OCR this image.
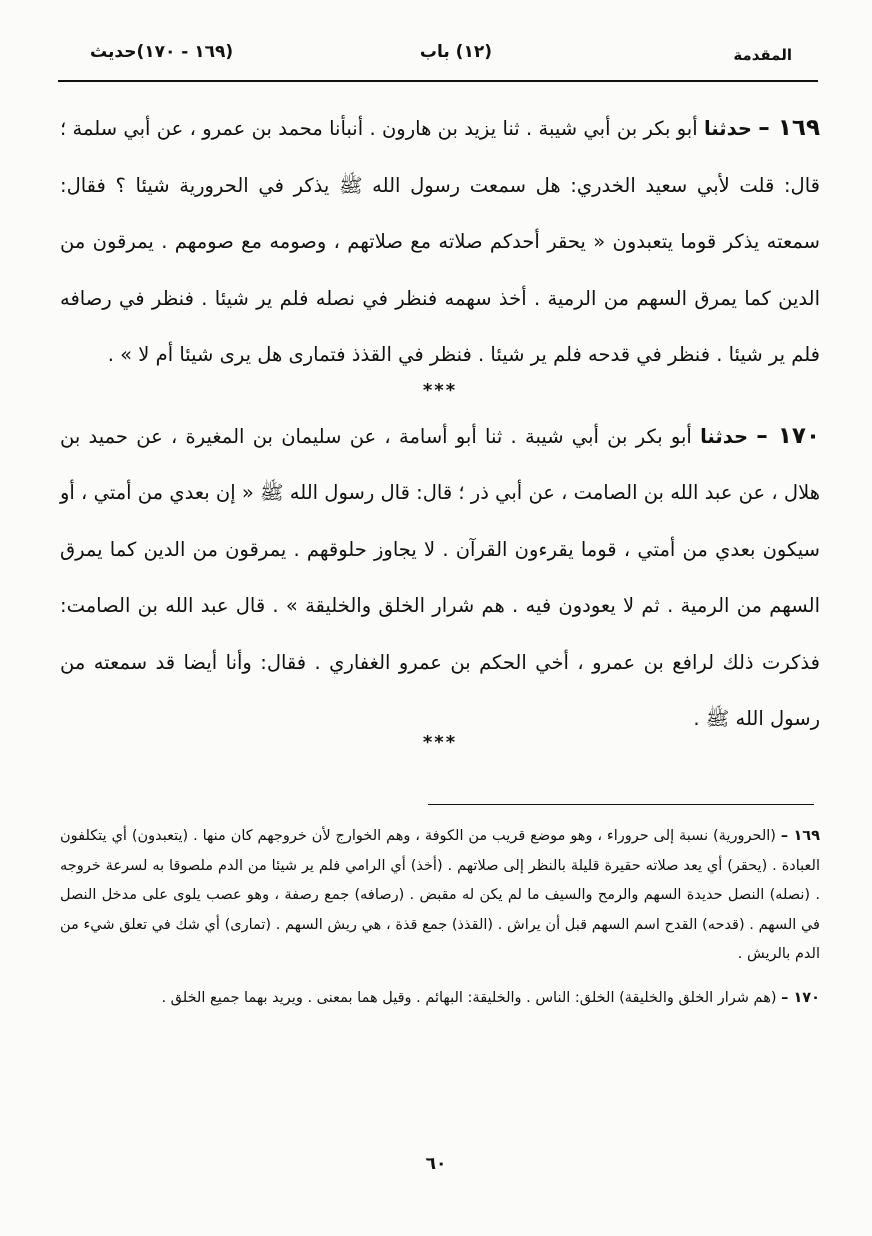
المقدمة
(١٢) باب
(١٦٩ - ١٧٠)حديث

١٦٩ – حدثنا أبو بكر بن أبي شيبة . ثنا يزيد بن هارون . أنبأنا محمد بن عمرو ، عن أبي سلمة ؛ قال: قلت لأبي سعيد الخدري: هل سمعت رسول الله ﷺ يذكر في الحرورية شيئا ؟ فقال: سمعته يذكر قوما يتعبدون « يحقر أحدكم صلاته مع صلاتهم ، وصومه مع صومهم . يمرقون من الدين كما يمرق السهم من الرمية . أخذ سهمه فنظر في نصله فلم ير شيئا . فنظر في رصافه فلم ير شيئا . فنظر في قدحه فلم ير شيئا . فنظر في القذذ فتمارى هل يرى شيئا أم لا » .

***

١٧٠ – حدثنا أبو بكر بن أبي شيبة . ثنا أبو أسامة ، عن سليمان بن المغيرة ، عن حميد بن هلال ، عن عبد الله بن الصامت ، عن أبي ذر ؛ قال: قال رسول الله ﷺ « إن بعدي من أمتي ، أو سيكون بعدي من أمتي ، قوما يقرءون القرآن . لا يجاوز حلوقهم . يمرقون من الدين كما يمرق السهم من الرمية . ثم لا يعودون فيه . هم شرار الخلق والخليقة » . قال عبد الله بن الصامت: فذكرت ذلك لرافع بن عمرو ، أخي الحكم بن عمرو الغفاري . فقال: وأنا أيضا قد سمعته من رسول الله ﷺ .

***

١٦٩ – (الحرورية) نسبة إلى حروراء ، وهو موضع قريب من الكوفة ، وهم الخوارج لأن خروجهم كان منها . (يتعبدون) أي يتكلفون العبادة . (يحقر) أي يعد صلاته حقيرة قليلة بالنظر إلى صلاتهم . (أخذ) أي الرامي فلم ير شيئا من الدم ملصوقا به لسرعة خروجه . (نصله) النصل حديدة السهم والرمح والسيف ما لم يكن له مقبض . (رصافه) جمع رصفة ، وهو عصب يلوى على مدخل النصل في السهم . (قدحه) القدح اسم السهم قبل أن يراش . (القذذ) جمع قذة ، هي ريش السهم . (تمارى) أي شك في تعلق شيء من الدم بالريش .

١٧٠ – (هم شرار الخلق والخليقة) الخلق: الناس . والخليقة: البهائم . وقيل هما بمعنى . ويريد بهما جميع الخلق .

٦٠
